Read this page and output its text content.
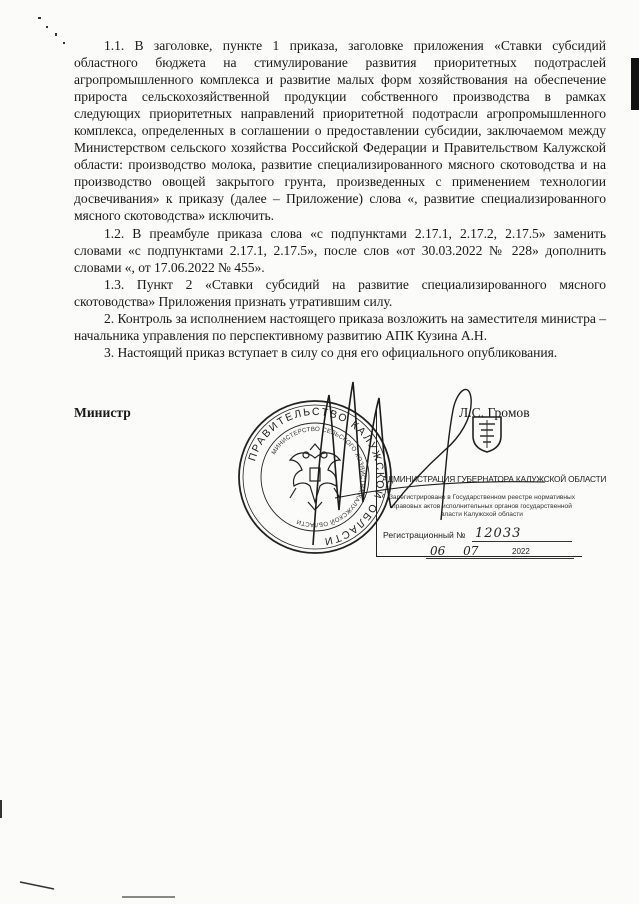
1.1. В заголовке, пункте 1 приказа, заголовке приложения «Ставки субсидий областного бюджета на стимулирование развития приоритетных подотраслей агропромышленного комплекса и развитие малых форм хозяйствования на обеспечение прироста сельскохозяйственной продукции собственного производства в рамках следующих приоритетных направлений приоритетной подотрасли агропромышленного комплекса, определенных в соглашении о предоставлении субсидии, заключаемом между Министерством сельского хозяйства Российской Федерации и Правительством Калужской области: производство молока, развитие специализированного мясного скотоводства и на производство овощей закрытого грунта, произведенных с применением технологии досвечивания» к приказу (далее – Приложение) слова «, развитие специализированного мясного скотоводства» исключить.

1.2. В преамбуле приказа слова «с подпунктами 2.17.1, 2.17.2, 2.17.5» заменить словами «с подпунктами 2.17.1, 2.17.5», после слов «от 30.03.2022 № 228» дополнить словами «, от 17.06.2022 № 455».

1.3. Пункт 2 «Ставки субсидий на развитие специализированного мясного скотоводства» Приложения признать утратившим силу.

2. Контроль за исполнением настоящего приказа возложить на заместителя министра – начальника управления по перспективному развитию АПК Кузина А.Н.

3. Настоящий приказ вступает в силу со дня его официального опубликования.

Министр	Л.С. Громов
АДМИНИСТРАЦИЯ ГУБЕРНАТОРА КАЛУЖСКОЙ ОБЛАСТИ
Зарегистрировано в Государственном реестре нормативных правовых актов исполнительных органов государственной власти Калужской области
Регистрационный № 12033
06 07	2022
ПРАВИТЕЛЬСТВО КАЛУЖСКОЙ ОБЛАСТИ
МИНИСТЕРСТВО СЕЛЬСКОГО ХОЗЯЙСТВА КАЛУЖСКОЙ ОБЛАСТИ
